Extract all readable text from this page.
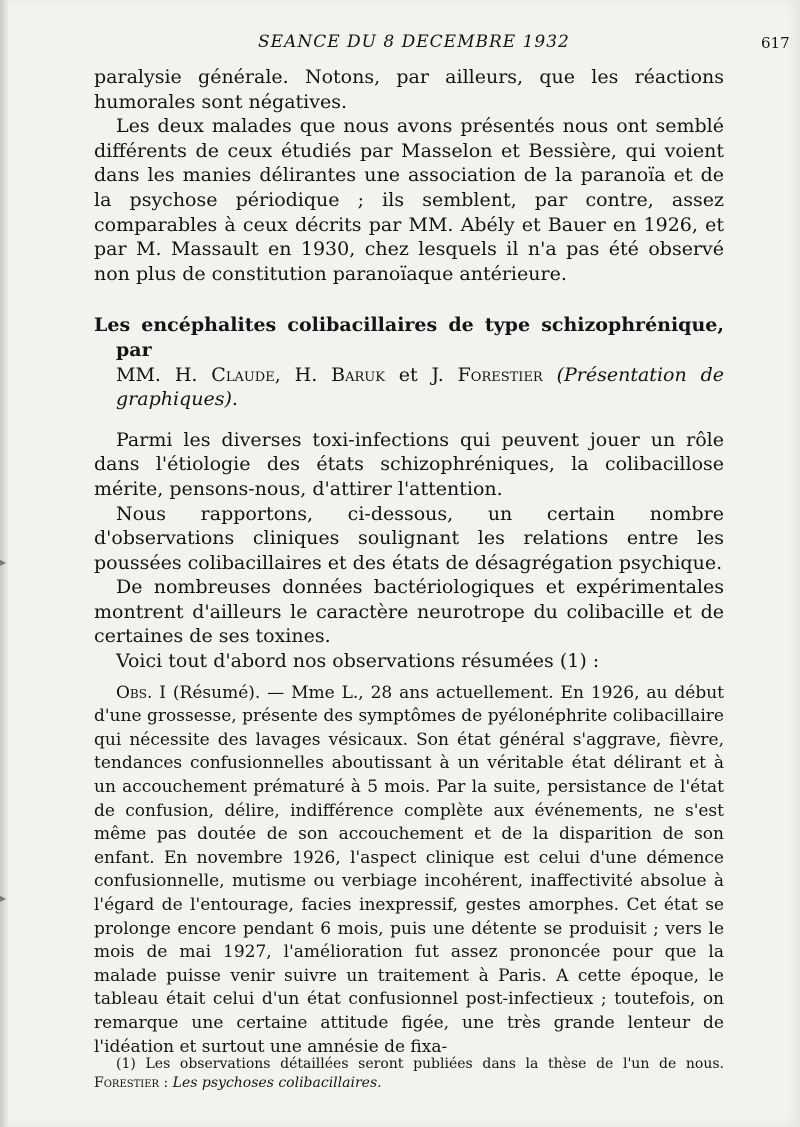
▸
▸
SEANCE DU 8 DECEMBRE 1932	617

paralysie générale. Notons, par ailleurs, que les réactions humorales sont négatives.

Les deux malades que nous avons présentés nous ont semblé différents de ceux étudiés par Masselon et Bessière, qui voient dans les manies délirantes une association de la paranoïa et de la psychose périodique ; ils semblent, par contre, assez comparables à ceux décrits par MM. Abély et Bauer en 1926, et par M. Massault en 1930, chez lesquels il n'a pas été observé non plus de constitution paranoïaque antérieure.

Les encéphalites colibacillaires de type schizophrénique, par
MM. H. Claude, H. Baruk et J. Forestier (Présentation de graphiques).

Parmi les diverses toxi-infections qui peuvent jouer un rôle dans l'étiologie des états schizophréniques, la colibacillose mérite, pensons-nous, d'attirer l'attention.

Nous rapportons, ci-dessous, un certain nombre d'observations cliniques soulignant les relations entre les poussées colibacillaires et des états de désagrégation psychique.

De nombreuses données bactériologiques et expérimentales montrent d'ailleurs le caractère neurotrope du colibacille et de certaines de ses toxines.

Voici tout d'abord nos observations résumées (1) :

Obs. I (Résumé). — Mme L., 28 ans actuellement. En 1926, au début d'une grossesse, présente des symptômes de pyélonéphrite colibacillaire qui nécessite des lavages vésicaux. Son état général s'aggrave, fièvre, tendances confusionnelles aboutissant à un véritable état délirant et à un accouchement prématuré à 5 mois. Par la suite, persistance de l'état de confusion, délire, indifférence complète aux événements, ne s'est même pas doutée de son accouchement et de la disparition de son enfant. En novembre 1926, l'aspect clinique est celui d'une démence confusionnelle, mutisme ou verbiage incohérent, inaffectivité absolue à l'égard de l'entourage, facies inexpressif, gestes amorphes. Cet état se prolonge encore pendant 6 mois, puis une détente se produisit ; vers le mois de mai 1927, l'amélioration fut assez prononcée pour que la malade puisse venir suivre un traitement à Paris. A cette époque, le tableau était celui d'un état confusionnel post-infectieux ; toutefois, on remarque une certaine attitude figée, une très grande lenteur de l'idéation et surtout une amnésie de fixa-

(1) Les observations détaillées seront publiées dans la thèse de l'un de nous. Forestier : Les psychoses colibacillaires.
